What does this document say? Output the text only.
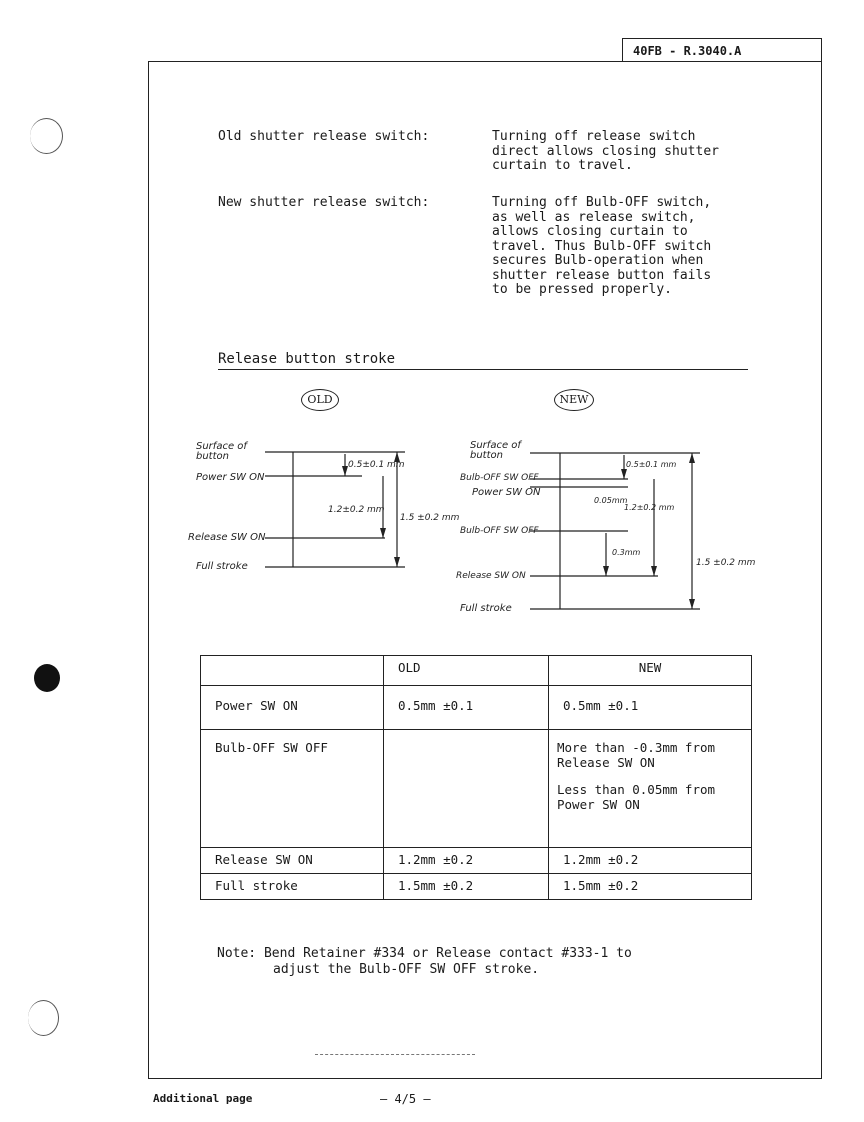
40FB - R.3040.A
Old shutter release switch:	Turning off release switch
direct allows closing shutter
curtain to travel.
New shutter release switch:	Turning off Bulb-OFF switch,
as well as release switch,
allows closing curtain to
travel. Thus Bulb-OFF switch
secures Bulb-operation when
shutter release button fails
to be pressed properly.
Release button stroke
OLD	NEW
Surface of button
Power SW ON
Release SW ON
Full stroke
0.5±0.1 mm
1.2±0.2 mm
1.5 ±0.2 mm
Surface of button
Bulb-OFF SW OFF
Power SW ON
Bulb-OFF SW OFF
Release SW ON
Full stroke
0.5±0.1 mm
0.05mm
1.2±0.2 mm
0.3mm
1.5 ±0.2 mm
	OLD	NEW
Power SW ON	0.5mm ±0.1	0.5mm ±0.1
Bulb-OFF SW OFF		More than -0.3mm from Release SW ON
Less than 0.05mm from Power SW ON

Release SW ON	1.2mm ±0.2	1.2mm ±0.2
Full stroke	1.5mm ±0.2	1.5mm ±0.2
Note: Bend Retainer #334 or Release contact #333-1 to
adjust the Bulb-OFF SW OFF stroke.
Additional page	— 4/5 —
